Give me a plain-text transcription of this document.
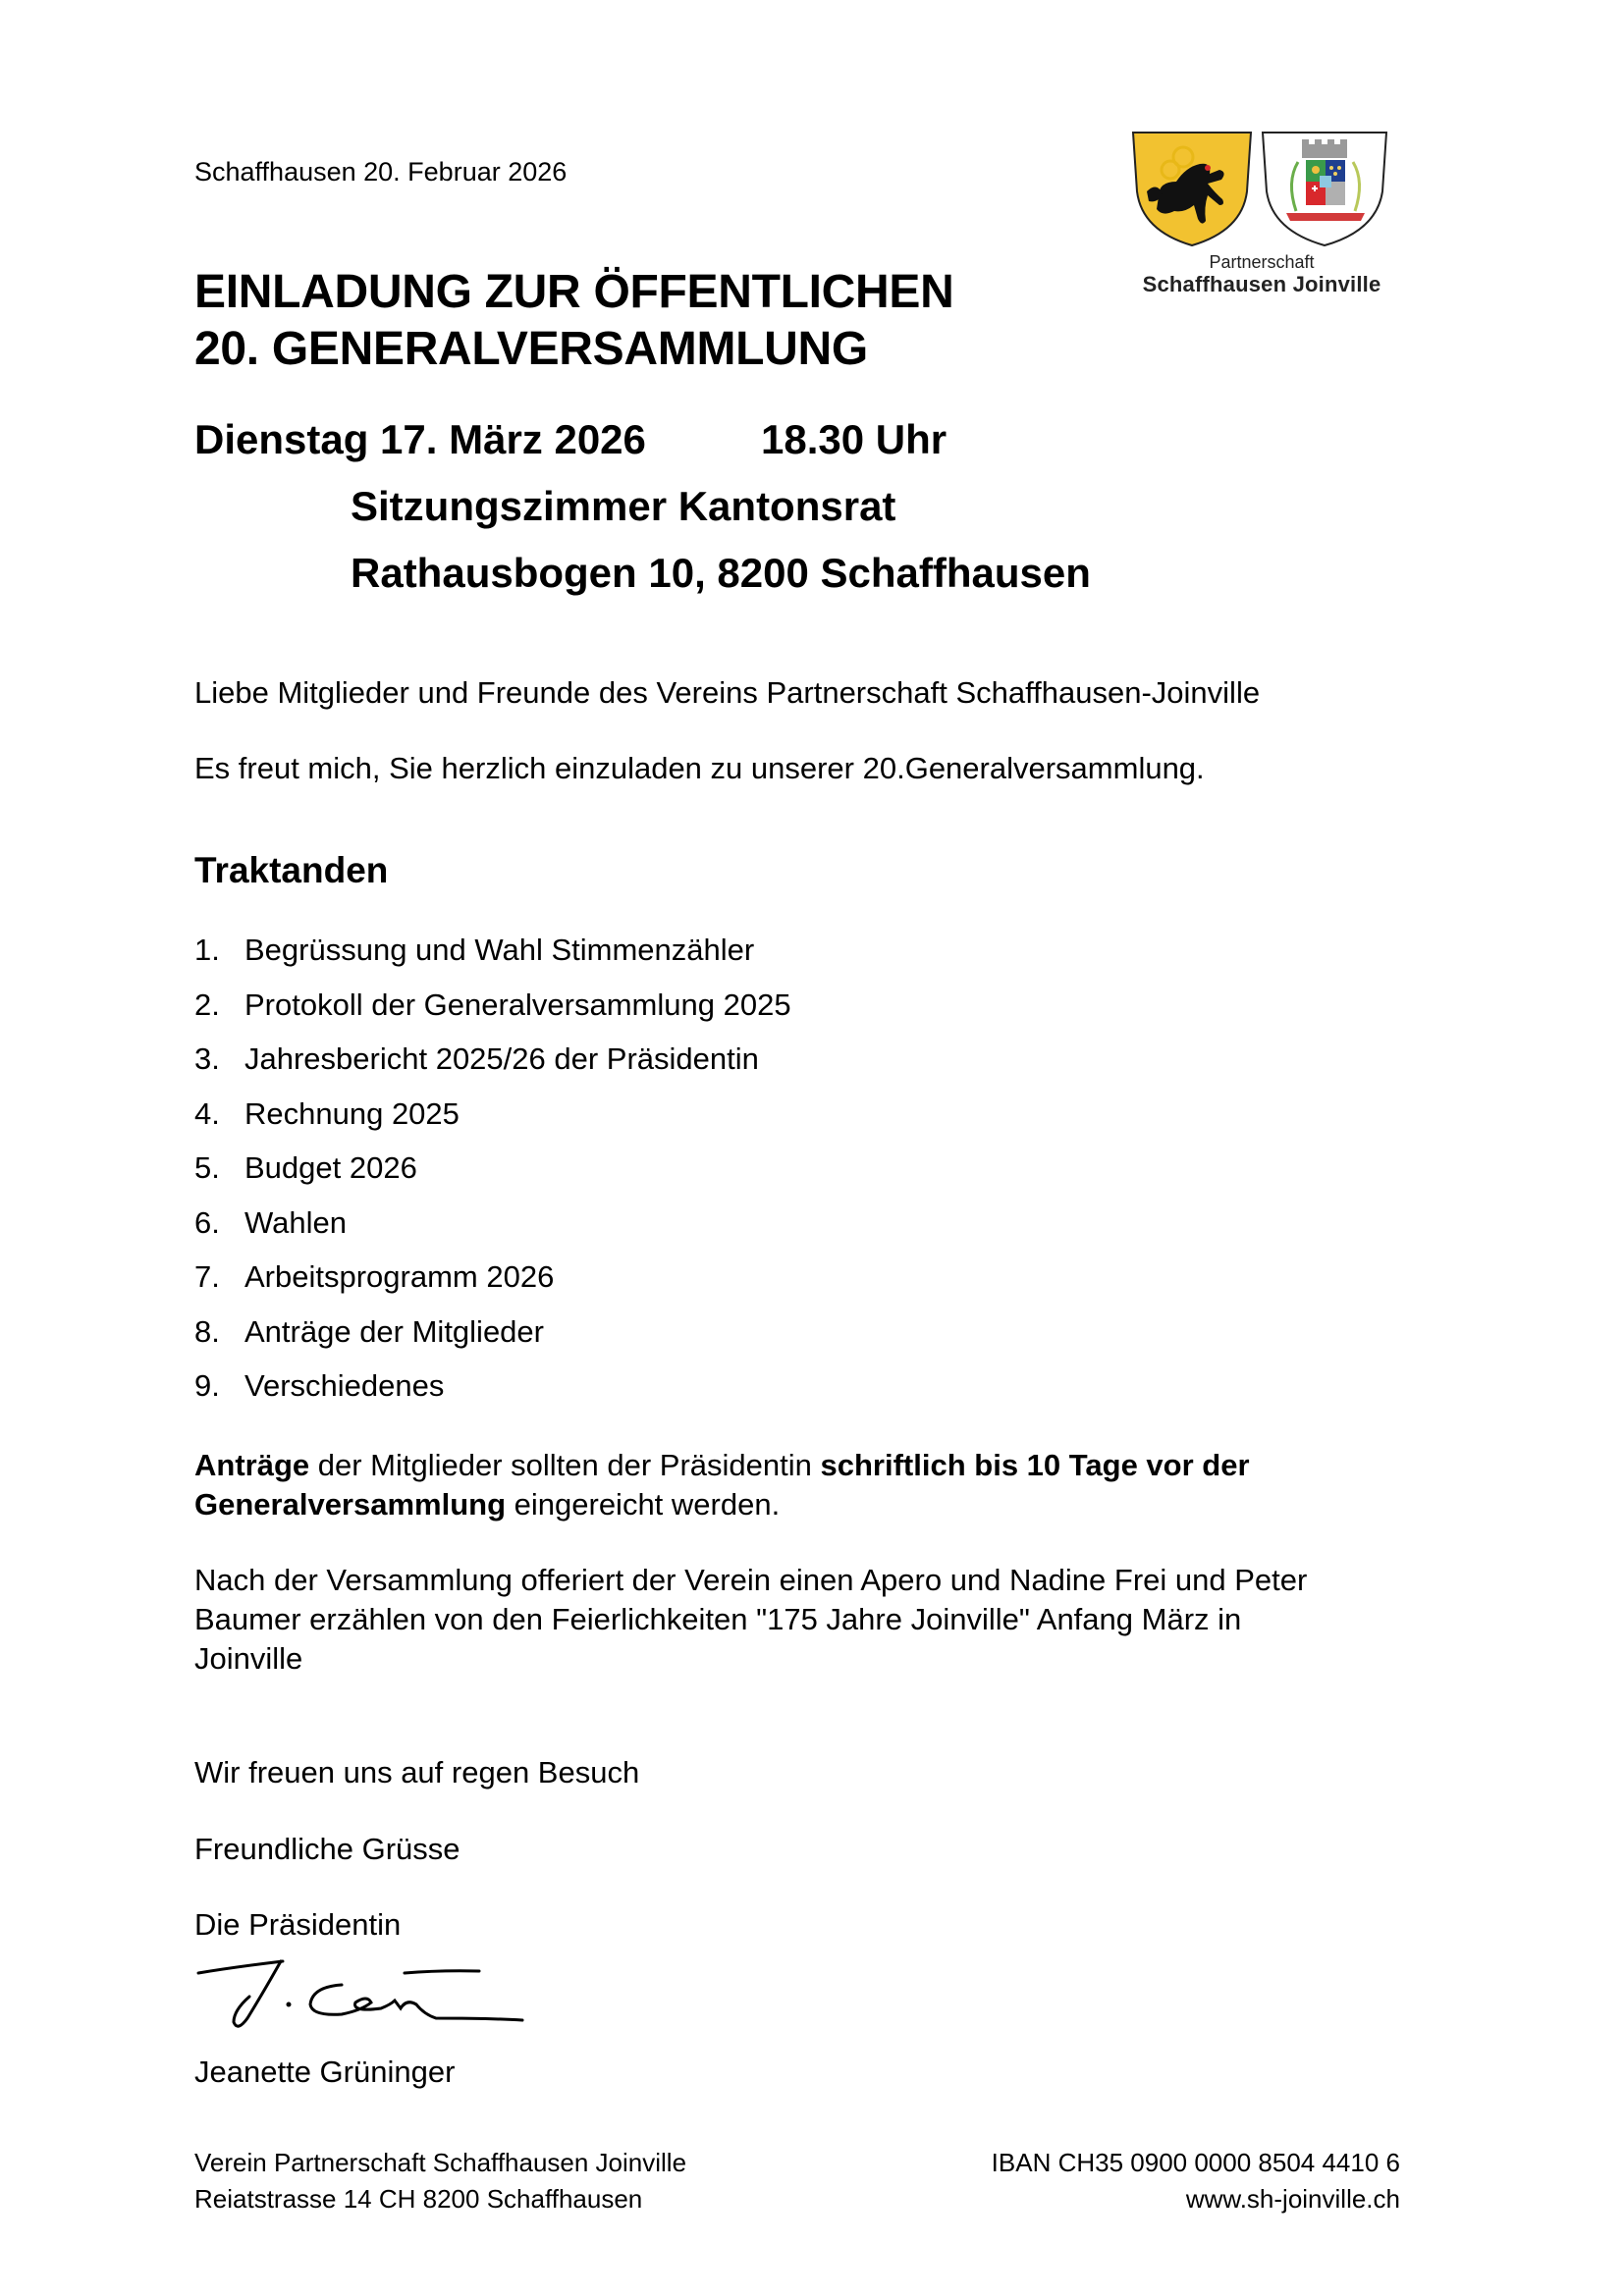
Partnerschaft
Schaffhausen Joinville
Schaffhausen 20. Februar 2026
EINLADUNG ZUR ÖFFENTLICHEN
20. GENERALVERSAMMLUNG
Dienstag 17. März 2026	18.30 Uhr
Sitzungszimmer Kantonsrat
Rathausbogen 10, 8200 Schaffhausen
Liebe Mitglieder und Freunde des Vereins Partnerschaft Schaffhausen-Joinville
Es freut mich, Sie herzlich einzuladen zu unserer 20.Generalversammlung.
Traktanden
1. Begrüssung und Wahl Stimmenzähler
2. Protokoll der Generalversammlung 2025
3. Jahresbericht 2025/26 der Präsidentin
4. Rechnung 2025
5. Budget 2026
6. Wahlen
7. Arbeitsprogramm 2026
8. Anträge der Mitglieder
9. Verschiedenes
Anträge der Mitglieder sollten der Präsidentin schriftlich bis 10 Tage vor der Generalversammlung eingereicht werden.
Nach der Versammlung offeriert der Verein einen Apero und Nadine Frei und Peter
Baumer erzählen von den Feierlichkeiten "175 Jahre Joinville" Anfang März in
Joinville
Wir freuen uns auf regen Besuch
Freundliche Grüsse
Die Präsidentin
Jeanette Grüninger
Verein Partnerschaft Schaffhausen Joinville
Reiatstrasse 14 CH 8200 Schaffhausen
IBAN CH35 0900 0000 8504 4410 6
www.sh-joinville.ch
